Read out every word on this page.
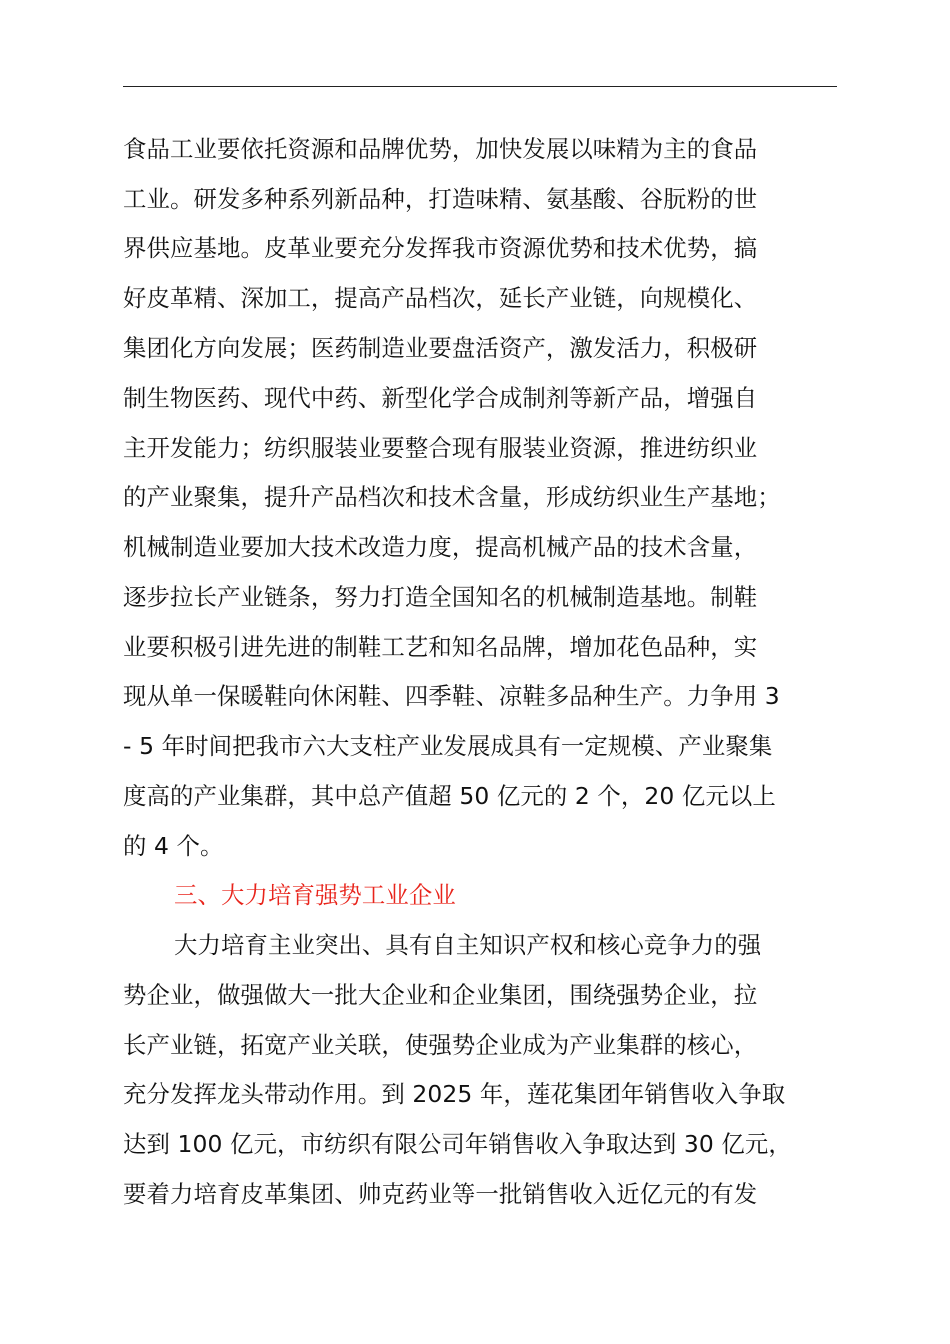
食品工业要依托资源和品牌优势，加快发展以味精为主的食品
工业。研发多种系列新品种，打造味精、氨基酸、谷朊粉的世
界供应基地。皮革业要充分发挥我市资源优势和技术优势，搞
好皮革精、深加工，提高产品档次，延长产业链，向规模化、
集团化方向发展；医药制造业要盘活资产，激发活力，积极研
制生物医药、现代中药、新型化学合成制剂等新产品，增强自
主开发能力；纺织服装业要整合现有服装业资源，推进纺织业
的产业聚集，提升产品档次和技术含量，形成纺织业生产基地；
机械制造业要加大技术改造力度，提高机械产品的技术含量，
逐步拉长产业链条，努力打造全国知名的机械制造基地。制鞋
业要积极引进先进的制鞋工艺和知名品牌，增加花色品种，实
现从单一保暖鞋向休闲鞋、四季鞋、凉鞋多品种生产。力争用 3
- 5 年时间把我市六大支柱产业发展成具有一定规模、产业聚集
度高的产业集群，其中总产值超 50 亿元的 2 个，20 亿元以上
的 4 个。
三、大力培育强势工业企业
大力培育主业突出、具有自主知识产权和核心竞争力的强
势企业，做强做大一批大企业和企业集团，围绕强势企业，拉
长产业链，拓宽产业关联，使强势企业成为产业集群的核心，
充分发挥龙头带动作用。到 2025 年，莲花集团年销售收入争取
达到 100 亿元，市纺织有限公司年销售收入争取达到 30 亿元，
要着力培育皮革集团、帅克药业等一批销售收入近亿元的有发
